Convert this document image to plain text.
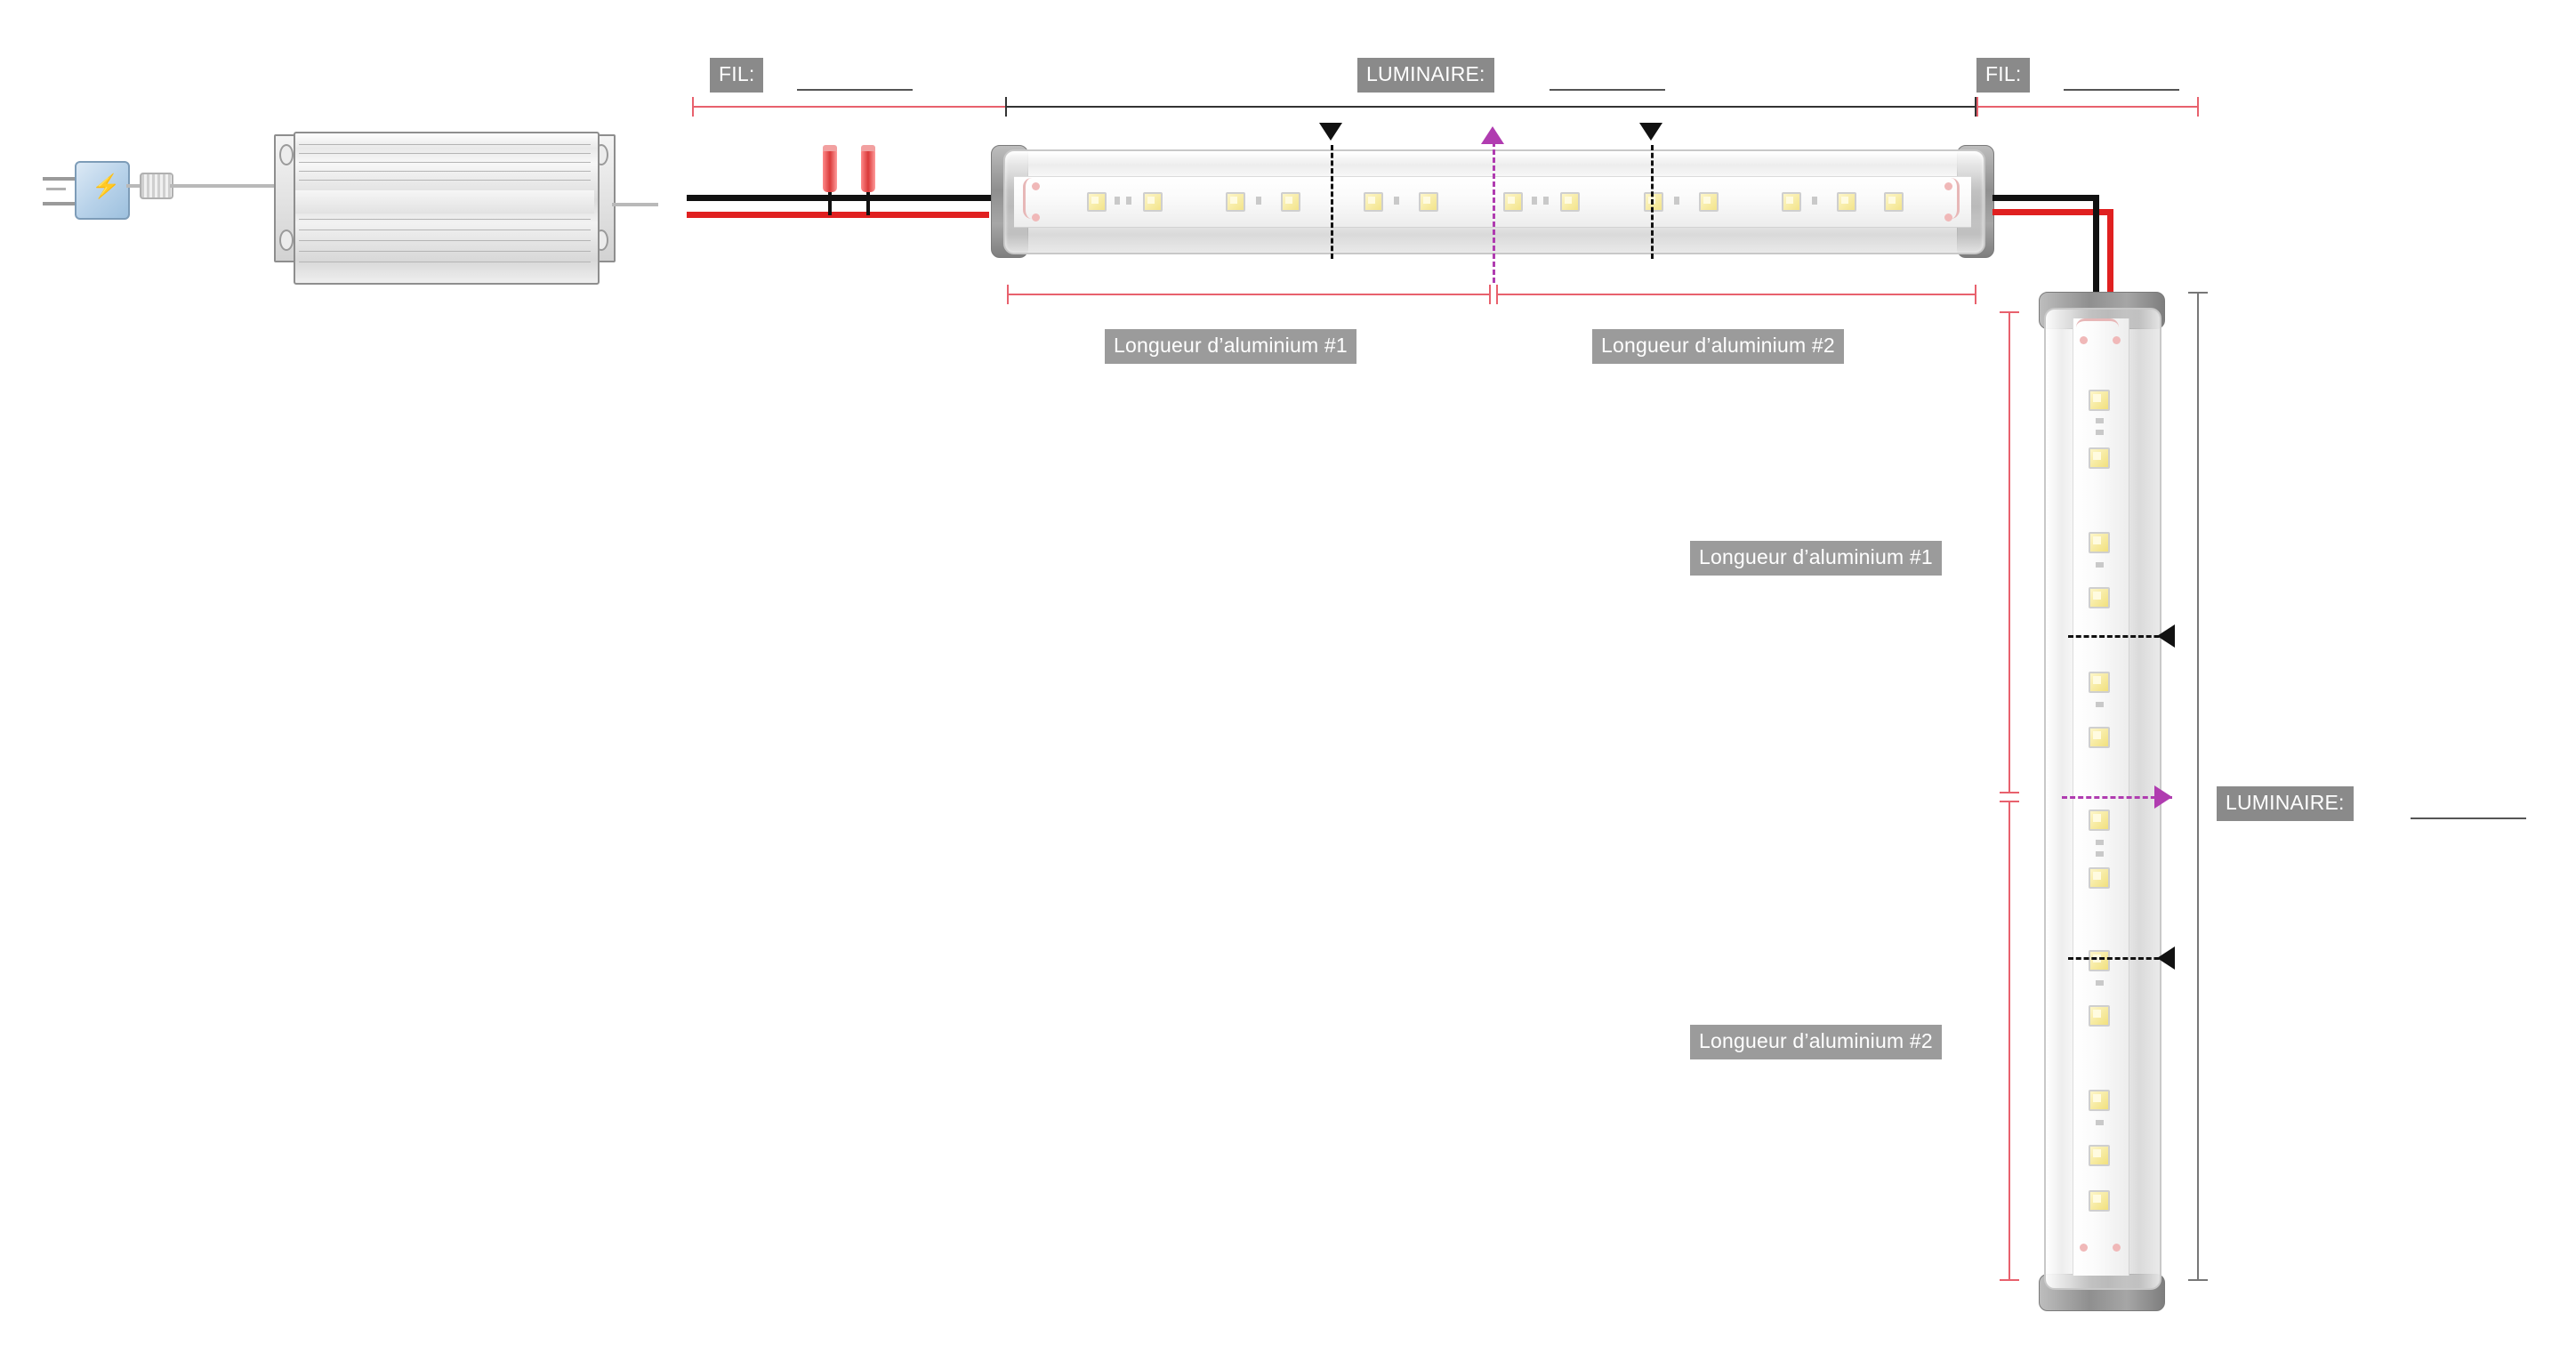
⚡
FIL:	LUMINAIRE:	FIL:
Longueur d’aluminium #1	Longueur d’aluminium #2
Longueur d’aluminium #1
Longueur d’aluminium #2
LUMINAIRE:
